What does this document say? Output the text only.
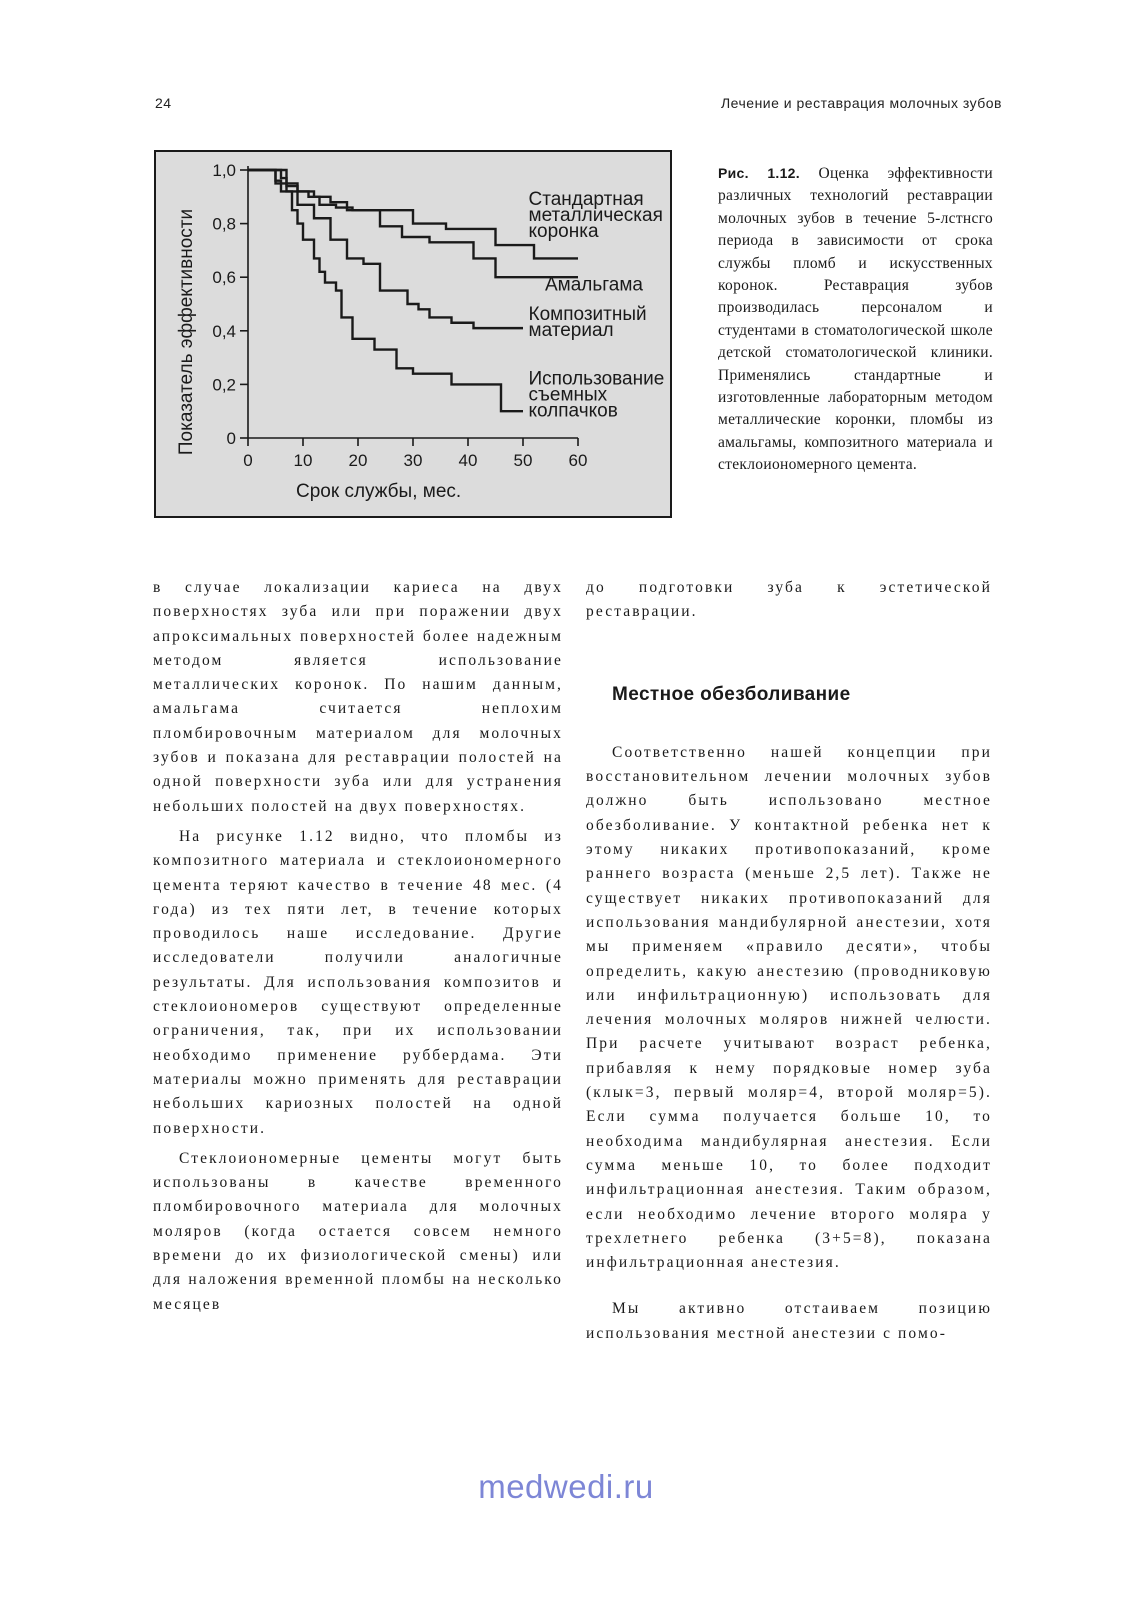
24	Лечение и реставрация молочных зубов
0
0,2
0,4
0,6
0,8
1,0
0 10 20 30 40 50 60
Стандартная
металлическая
коронка
Амальгама
Композитный
материал
Использование
съемных
колпачков
Срок службы, мес.
Показатель эффективности
Рис. 1.12. Оценка эффективности различных технологий реставрации молочных зубов в течение 5-лстнсго периода в зависимости от срока службы пломб и искусственных коронок. Реставрация зубов производилась персоналом и студентами в стоматологической школе детской стоматологической клиники. Применялись стандартные и изготовленные лабораторным методом металлические коронки, пломбы из амальгамы, композитного материала и стеклоиономерного цемента.

в случае локализации кариеса на двух поверхностях зуба или при поражении двух апроксимальных поверхностей более надежным методом является использование металлических коронок. По нашим данным, амальгама считается неплохим пломбировочным материалом для молочных зубов и показана для реставрации полостей на одной поверхности зуба или для устранения небольших полостей на двух поверхностях.

На рисунке 1.12 видно, что пломбы из композитного материала и стеклоиономерного цемента теряют качество в течение 48 мес. (4 года) из тех пяти лет, в течение которых проводилось наше исследование. Другие исследователи получили аналогичные результаты. Для использования композитов и стеклоиономеров существуют определенные ограничения, так, при их использовании необходимо применение руббердама. Эти материалы можно применять для реставрации небольших кариозных полостей на одной поверхности.

Стеклоиономерные цементы могут быть использованы в качестве временного пломбировочного материала для молочных моляров (когда остается совсем немного времени до их физиологической смены) или для наложения временной пломбы на несколько месяцев

до подготовки зуба к эстетической реставрации.

Местное обезболивание

Соответственно нашей концепции при восстановительном лечении молочных зубов должно быть использовано местное обезболивание. У контактной ребенка нет к этому никаких противопоказаний, кроме раннего возраста (меньше 2,5 лет). Также не существует никаких противопоказаний для использования мандибулярной анестезии, хотя мы применяем «правило десяти», чтобы определить, какую анестезию (проводниковую или инфильтрационную) использовать для лечения молочных моляров нижней челюсти. При расчете учитывают возраст ребенка, прибавляя к нему порядковые номер зуба (клык=3, первый моляр=4, второй моляр=5). Если сумма получается больше 10, то необходима мандибулярная анестезия. Если сумма меньше 10, то более подходит инфильтрационная анестезия. Таким образом, если необходимо лечение второго моляра у трехлетнего ребенка (3+5=8), показана инфильтрационная анестезия.

Мы активно отстаиваем позицию использования местной анестезии с помо-

medwedi.ru
